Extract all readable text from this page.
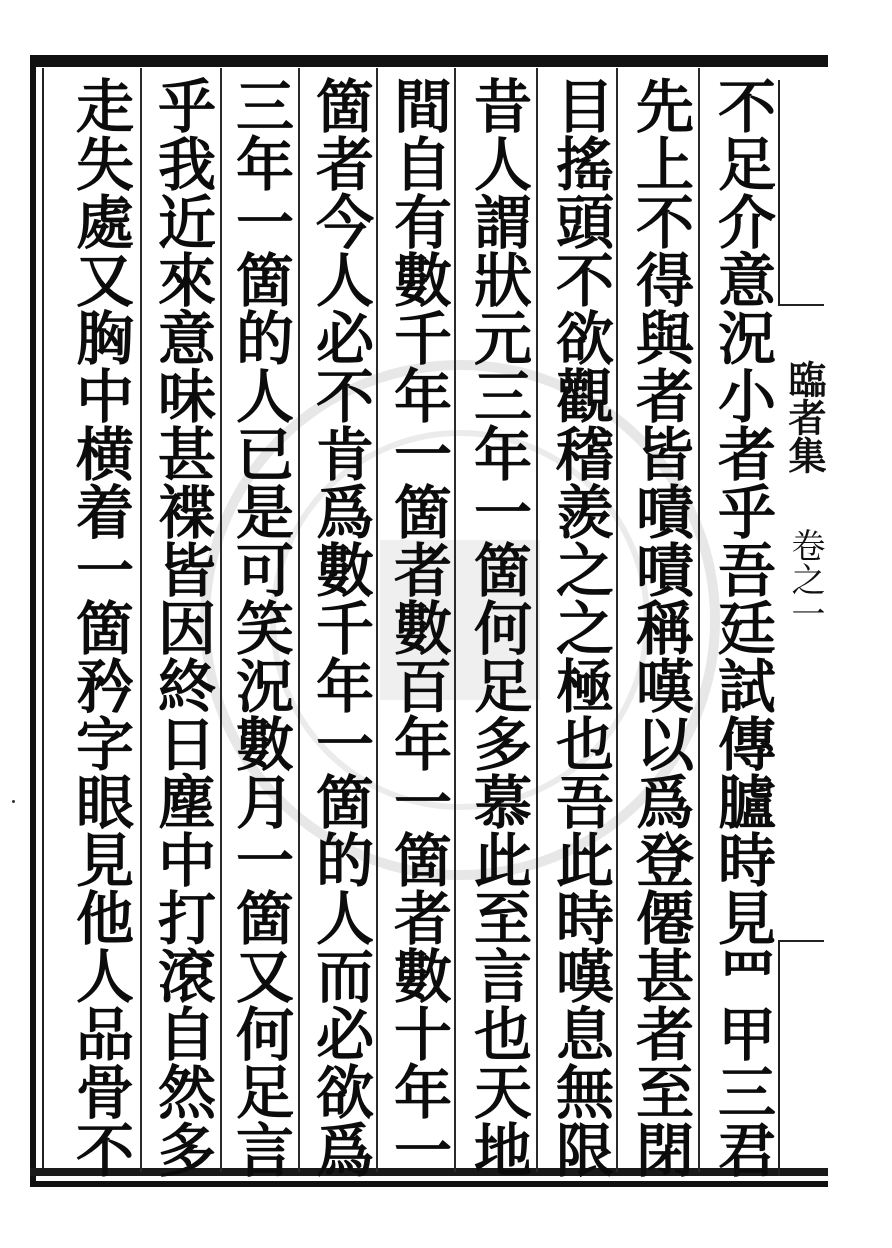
不足介意況小者乎吾廷試傳臚時見罒甲三君
先上不得與者皆嘖嘖稱嘆以爲登僊甚者至閉
目搖頭不欲觀𥡴羨之之極也吾此時嘆息無限
昔人謂狀元三年一箇何足多慕此至言也天地
間自有數千年一箇者數百年一箇者數十年一
箇者今人必不肯爲數千年一箇的人而必欲爲
三年一箇的人已是可笑況數月一箇又何足言
乎我近來意味甚褋皆因終日塵中打滾自然多
走失處又胸中横着一箇矜字眼見他人品骨不	臨者集
卷之一
